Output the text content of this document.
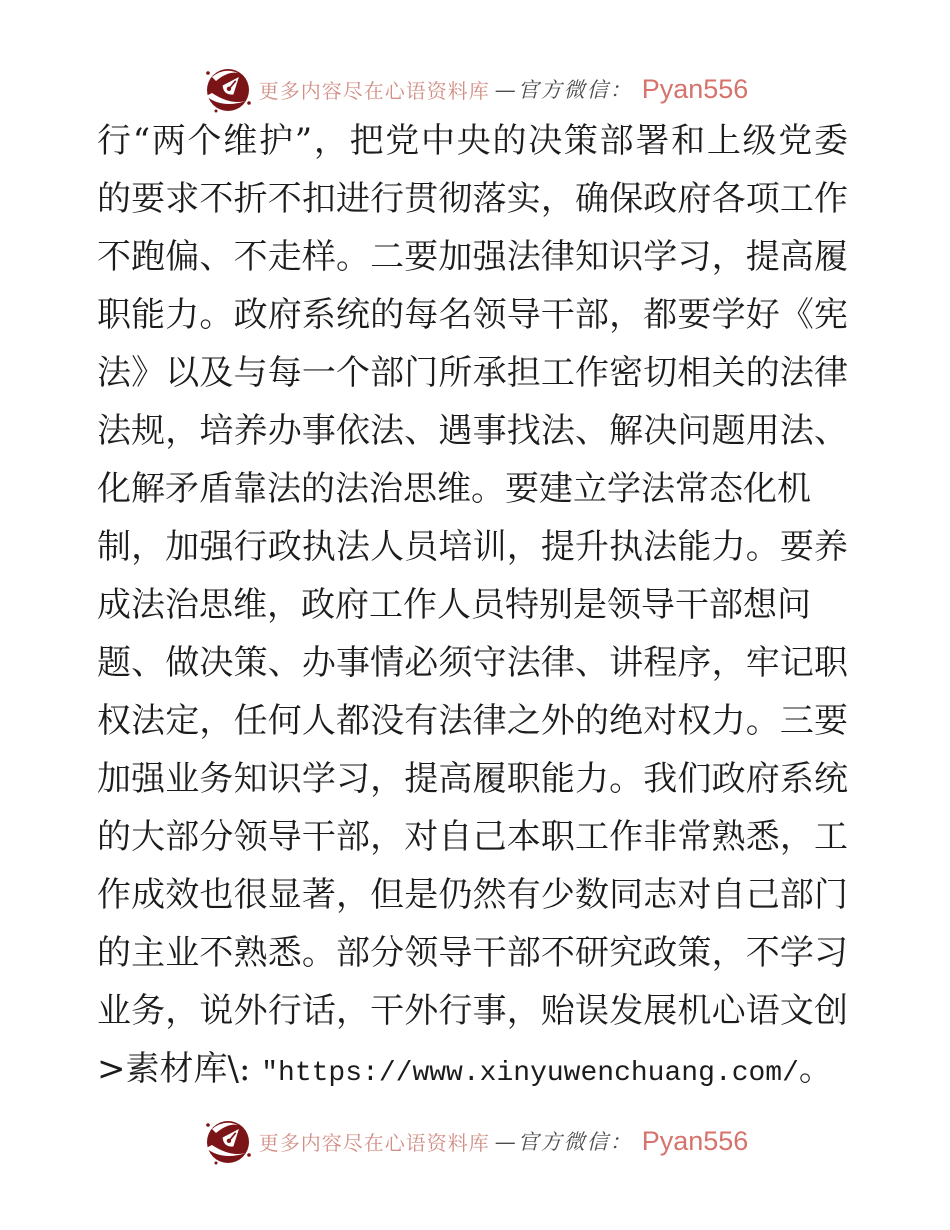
更多内容尽在心语资料库 —官方微信： Pyan556
行“两个维护”，把党中央的决策部署和上级党委
的要求不折不扣进行贯彻落实，确保政府各项工作
不跑偏、不走样。二要加强法律知识学习，提高履
职能力。政府系统的每名领导干部，都要学好《宪
法》以及与每一个部门所承担工作密切相关的法律
法规，培养办事依法、遇事找法、解决问题用法、
化解矛盾靠法的法治思维。要建立学法常态化机
制，加强行政执法人员培训，提升执法能力。要养
成法治思维，政府工作人员特别是领导干部想问
题、做决策、办事情必须守法律、讲程序，牢记职
权法定，任何人都没有法律之外的绝对权力。三要
加强业务知识学习，提高履职能力。我们政府系统
的大部分领导干部，对自己本职工作非常熟悉，工
作成效也很显著，但是仍然有少数同志对自己部门
的主业不熟悉。部分领导干部不研究政策，不学习
业务，说外行话，干外行事，贻误发展机心语文创
>素材库\: "https://www.xinyuwenchuang.com/。
更多内容尽在心语资料库 —官方微信： Pyan556
